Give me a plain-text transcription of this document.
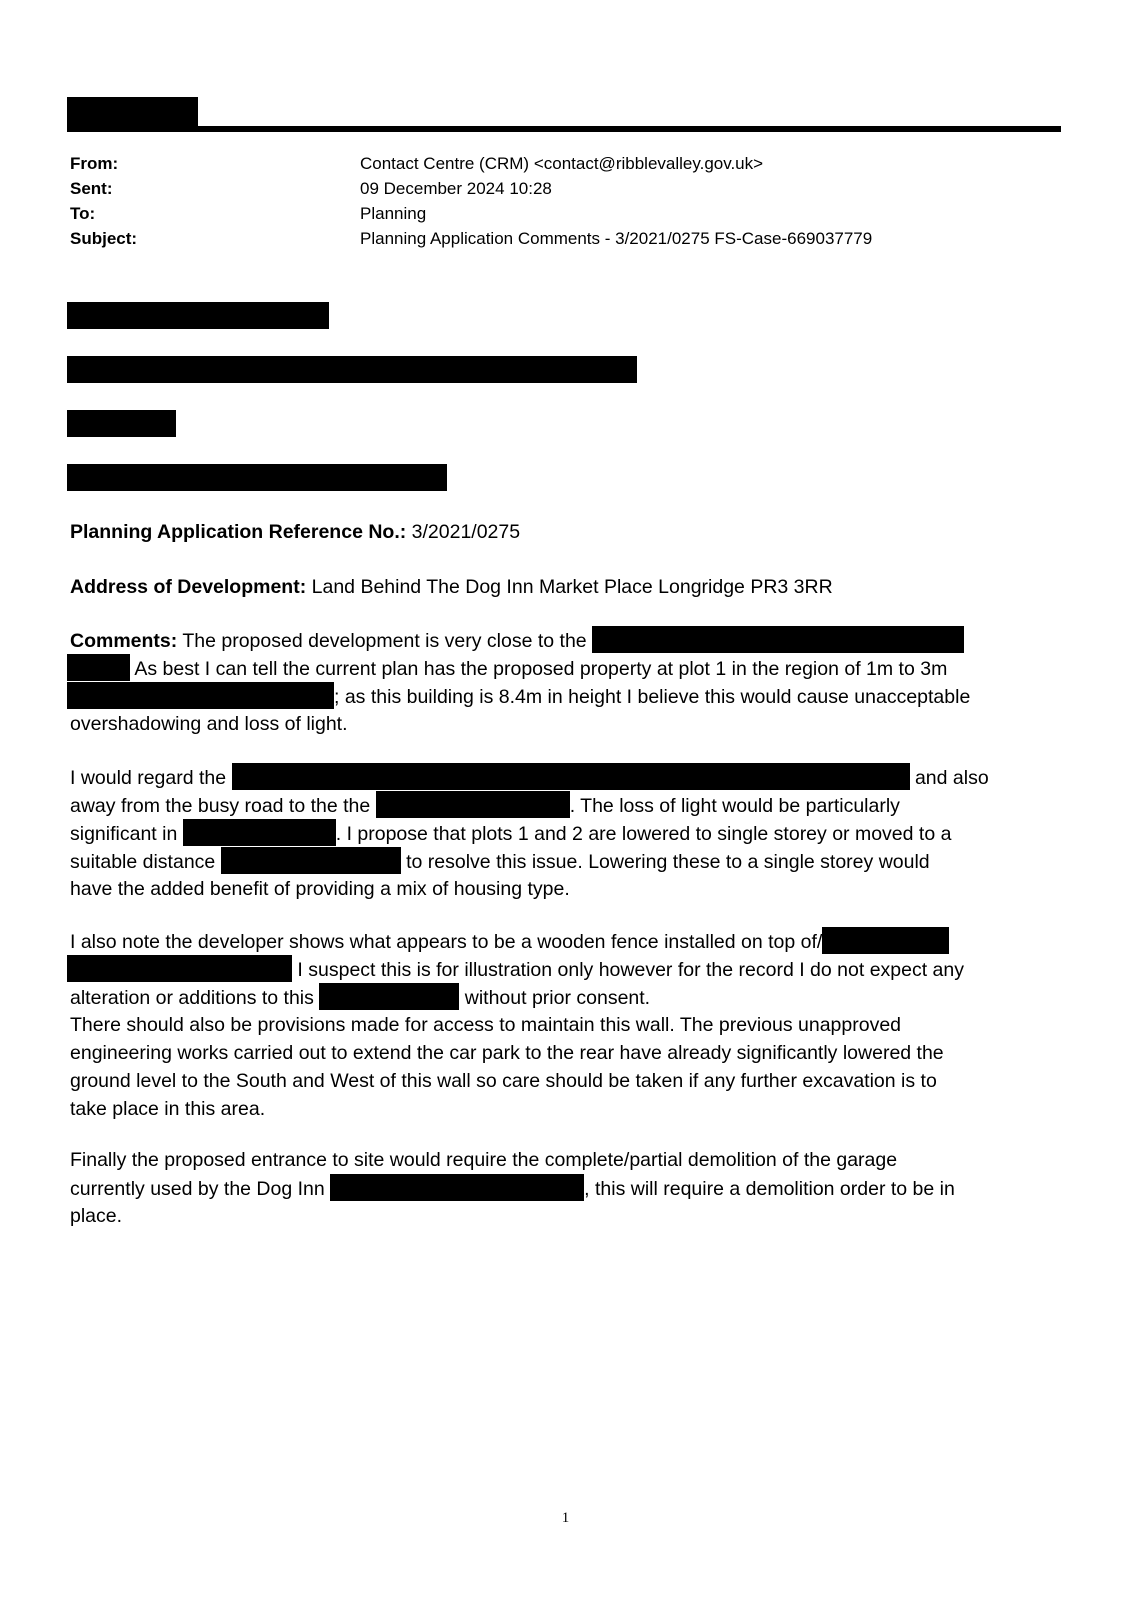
From:	Contact Centre (CRM) <contact@ribblevalley.gov.uk>
Sent:	09 December 2024 10:28
To:	Planning
Subject:	Planning Application Comments - 3/2021/0275 FS-Case-669037779
Planning Application Reference No.: 3/2021/0275
Address of Development: Land Behind The Dog Inn Market Place Longridge PR3 3RR
Comments: The proposed development is very close to the
As best I can tell the current plan has the proposed property at plot 1 in the region of 1m to 3m
; as this building is 8.4m in height I believe this would cause unacceptable
overshadowing and loss of light.
I would regard the	and also
away from the busy road to the the	. The loss of light would be particularly
significant in	. I propose that plots 1 and 2 are lowered to single storey or moved to a
suitable distance	to resolve this issue. Lowering these to a single storey would
have the added benefit of providing a mix of housing type.
I also note the developer shows what appears to be a wooden fence installed on top of/
I suspect this is for illustration only however for the record I do not expect any
alteration or additions to this	without prior consent.
There should also be provisions made for access to maintain this wall. The previous unapproved
engineering works carried out to extend the car park to the rear have already significantly lowered the
ground level to the South and West of this wall so care should be taken if any further excavation is to
take place in this area.
Finally the proposed entrance to site would require the complete/partial demolition of the garage
currently used by the Dog Inn	, this will require a demolition order to be in
place.
1
